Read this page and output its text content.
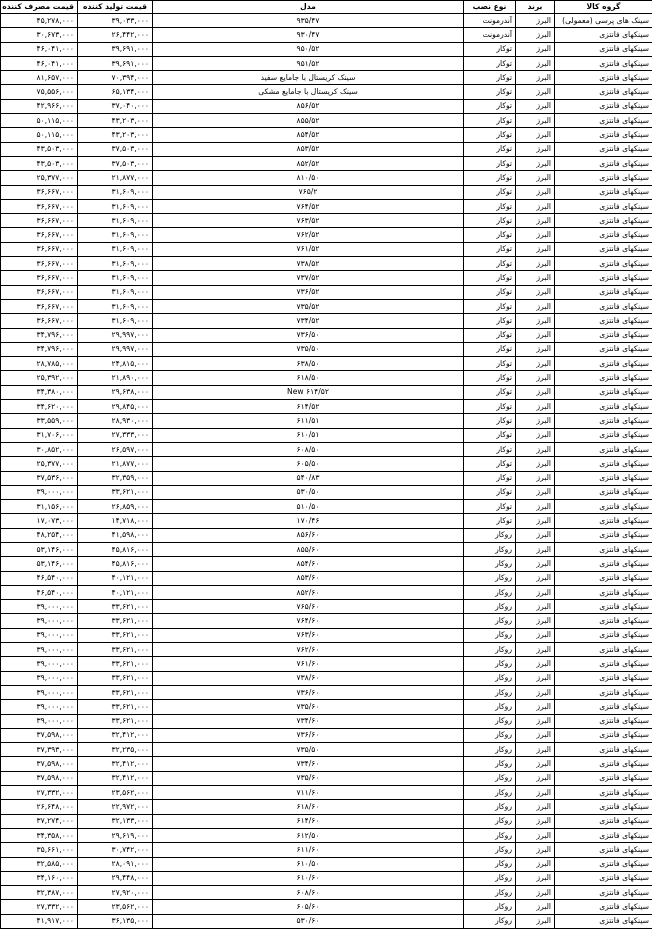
گروه کالا	برند	نوع نصب	مدل	قیمت تولید کننده	قیمت مصرف کننده
سینک های پرسی (معمولی)	البرز	آندرمونت	۹۳۵/۴۷	۳۹,۰۳۳,۰۰۰	۴۵,۲۷۸,۰۰۰
سینکهای فانتزی	البرز	آندرمونت	۹۳۰/۴۷	۲۶,۴۴۲,۰۰۰	۳۰,۶۷۳,۰۰۰
سینکهای فانتزی	البرز	توکار	۹۵۰/۵۲	۳۹,۶۹۱,۰۰۰	۴۶,۰۴۱,۰۰۰
سینکهای فانتزی	البرز	توکار	۹۵۱/۵۲	۳۹,۶۹۱,۰۰۰	۴۶,۰۴۱,۰۰۰
سینکهای فانتزی	البرز	توکار	سینک کریستال با جامایع سفید	۷۰,۳۹۴,۰۰۰	۸۱,۶۵۷,۰۰۰
سینکهای فانتزی	البرز	توکار	سینک کریستال با جامایع مشکی	۶۵,۱۳۴,۰۰۰	۷۵,۵۵۶,۰۰۰
سینکهای فانتزی	البرز	توکار	۸۵۶/۵۲	۳۷,۰۴۰,۰۰۰	۴۲,۹۶۶,۰۰۰
سینکهای فانتزی	البرز	توکار	۸۵۵/۵۲	۴۳,۲۰۳,۰۰۰	۵۰,۱۱۵,۰۰۰
سینکهای فانتزی	البرز	توکار	۸۵۴/۵۲	۴۳,۲۰۳,۰۰۰	۵۰,۱۱۵,۰۰۰
سینکهای فانتزی	البرز	توکار	۸۵۳/۵۲	۳۷,۵۰۳,۰۰۰	۴۳,۵۰۳,۰۰۰
سینکهای فانتزی	البرز	توکار	۸۵۲/۵۲	۳۷,۵۰۳,۰۰۰	۴۳,۵۰۳,۰۰۰
سینکهای فانتزی	البرز	توکار	۸۱۰/۵۰	۲۱,۸۷۷,۰۰۰	۲۵,۳۷۷,۰۰۰
سینکهای فانتزی	البرز	توکار	۷۶۵/۲	۳۱,۶۰۹,۰۰۰	۳۶,۶۶۷,۰۰۰
سینکهای فانتزی	البرز	توکار	۷۶۴/۵۲	۳۱,۶۰۹,۰۰۰	۳۶,۶۶۷,۰۰۰
سینکهای فانتزی	البرز	توکار	۷۶۳/۵۲	۳۱,۶۰۹,۰۰۰	۳۶,۶۶۷,۰۰۰
سینکهای فانتزی	البرز	توکار	۷۶۲/۵۲	۳۱,۶۰۹,۰۰۰	۳۶,۶۶۷,۰۰۰
سینکهای فانتزی	البرز	توکار	۷۶۱/۵۲	۳۱,۶۰۹,۰۰۰	۳۶,۶۶۷,۰۰۰
سینکهای فانتزی	البرز	توکار	۷۳۸/۵۲	۳۱,۶۰۹,۰۰۰	۳۶,۶۶۷,۰۰۰
سینکهای فانتزی	البرز	توکار	۷۳۷/۵۲	۳۱,۶۰۹,۰۰۰	۳۶,۶۶۷,۰۰۰
سینکهای فانتزی	البرز	توکار	۷۳۶/۵۲	۳۱,۶۰۹,۰۰۰	۳۶,۶۶۷,۰۰۰
سینکهای فانتزی	البرز	توکار	۷۳۵/۵۲	۳۱,۶۰۹,۰۰۰	۳۶,۶۶۷,۰۰۰
سینکهای فانتزی	البرز	توکار	۷۳۴/۵۲	۳۱,۶۰۹,۰۰۰	۳۶,۶۶۷,۰۰۰
سینکهای فانتزی	البرز	توکار	۷۳۶/۵۰	۲۹,۹۹۷,۰۰۰	۳۴,۷۹۶,۰۰۰
سینکهای فانتزی	البرز	توکار	۷۳۵/۵۰	۲۹,۹۹۷,۰۰۰	۳۴,۷۹۶,۰۰۰
سینکهای فانتزی	البرز	توکار	۶۳۸/۵۰	۲۴,۸۱۵,۰۰۰	۲۸,۷۸۵,۰۰۰
سینکهای فانتزی	البرز	توکار	۶۱۸/۵۰	۲۱,۸۹۰,۰۰۰	۲۵,۳۹۲,۰۰۰
سینکهای فانتزی	البرز	توکار	۶۱۴/۵۲ New	۲۹,۶۳۸,۰۰۰	۳۴,۳۸۰,۰۰۰
سینکهای فانتزی	البرز	توکار	۶۱۴/۵۲	۲۹,۸۴۵,۰۰۰	۳۴,۶۲۰,۰۰۰
سینکهای فانتزی	البرز	توکار	۶۱۱/۵۱	۲۸,۹۳۰,۰۰۰	۳۳,۵۵۹,۰۰۰
سینکهای فانتزی	البرز	توکار	۶۱۰/۵۱	۲۷,۳۳۳,۰۰۰	۳۱,۷۰۶,۰۰۰
سینکهای فانتزی	البرز	توکار	۶۰۸/۵۰	۲۶,۵۹۷,۰۰۰	۳۰,۸۵۲,۰۰۰
سینکهای فانتزی	البرز	توکار	۶۰۵/۵۰	۲۱,۸۷۷,۰۰۰	۲۵,۳۷۷,۰۰۰
سینکهای فانتزی	البرز	توکار	۵۴۰/۸۳	۳۲,۳۵۹,۰۰۰	۳۷,۵۳۶,۰۰۰
سینکهای فانتزی	البرز	توکار	۵۳۰/۵۰	۳۳,۶۲۱,۰۰۰	۳۹,۰۰۰,۰۰۰
سینکهای فانتزی	البرز	توکار	۵۱۰/۵۰	۲۶,۸۵۹,۰۰۰	۳۱,۱۵۶,۰۰۰
سینکهای فانتزی	البرز	توکار	۱۷۰/۴۶	۱۴,۷۱۸,۰۰۰	۱۷,۰۷۳,۰۰۰
سینکهای فانتزی	البرز	روکار	۸۵۶/۶۰	۴۱,۵۹۸,۰۰۰	۴۸,۲۵۴,۰۰۰
سینکهای فانتزی	البرز	روکار	۸۵۵/۶۰	۴۵,۸۱۶,۰۰۰	۵۳,۱۴۶,۰۰۰
سینکهای فانتزی	البرز	روکار	۸۵۴/۶۰	۴۵,۸۱۶,۰۰۰	۵۳,۱۴۶,۰۰۰
سینکهای فانتزی	البرز	روکار	۸۵۳/۶۰	۴۰,۱۲۱,۰۰۰	۴۶,۵۴۰,۰۰۰
سینکهای فانتزی	البرز	روکار	۸۵۲/۶۰	۴۰,۱۲۱,۰۰۰	۴۶,۵۴۰,۰۰۰
سینکهای فانتزی	البرز	روکار	۷۶۵/۶۰	۳۳,۶۲۱,۰۰۰	۳۹,۰۰۰,۰۰۰
سینکهای فانتزی	البرز	روکار	۷۶۴/۶۰	۳۳,۶۲۱,۰۰۰	۳۹,۰۰۰,۰۰۰
سینکهای فانتزی	البرز	روکار	۷۶۳/۶۰	۳۳,۶۲۱,۰۰۰	۳۹,۰۰۰,۰۰۰
سینکهای فانتزی	البرز	روکار	۷۶۲/۶۰	۳۳,۶۲۱,۰۰۰	۳۹,۰۰۰,۰۰۰
سینکهای فانتزی	البرز	روکار	۷۶۱/۶۰	۳۳,۶۲۱,۰۰۰	۳۹,۰۰۰,۰۰۰
سینکهای فانتزی	البرز	روکار	۷۳۸/۶۰	۳۳,۶۲۱,۰۰۰	۳۹,۰۰۰,۰۰۰
سینکهای فانتزی	البرز	روکار	۷۳۶/۶۰	۳۳,۶۲۱,۰۰۰	۳۹,۰۰۰,۰۰۰
سینکهای فانتزی	البرز	روکار	۷۳۵/۶۰	۳۳,۶۲۱,۰۰۰	۳۹,۰۰۰,۰۰۰
سینکهای فانتزی	البرز	روکار	۷۳۴/۶۰	۳۳,۶۲۱,۰۰۰	۳۹,۰۰۰,۰۰۰
سینکهای فانتزی	البرز	روکار	۷۳۶/۶۰	۳۲,۴۱۲,۰۰۰	۳۷,۵۹۸,۰۰۰
سینکهای فانتزی	البرز	روکار	۷۳۵/۵۰	۳۲,۲۳۵,۰۰۰	۳۷,۳۹۳,۰۰۰
سینکهای فانتزی	البرز	روکار	۷۳۴/۶۰	۳۲,۴۱۲,۰۰۰	۳۷,۵۹۸,۰۰۰
سینکهای فانتزی	البرز	روکار	۷۳۵/۶۰	۳۲,۴۱۲,۰۰۰	۳۷,۵۹۸,۰۰۰
سینکهای فانتزی	البرز	روکار	۷۱۱/۶۰	۲۳,۵۶۲,۰۰۰	۲۷,۳۳۲,۰۰۰
سینکهای فانتزی	البرز	روکار	۶۱۸/۶۰	۲۲,۹۷۲,۰۰۰	۲۶,۶۴۸,۰۰۰
سینکهای فانتزی	البرز	روکار	۶۱۴/۶۰	۳۲,۱۳۳,۰۰۰	۳۷,۲۷۴,۰۰۰
سینکهای فانتزی	البرز	روکار	۶۱۲/۵۰	۲۹,۶۱۹,۰۰۰	۳۴,۳۵۸,۰۰۰
سینکهای فانتزی	البرز	روکار	۶۱۱/۶۰	۳۰,۷۴۲,۰۰۰	۳۵,۶۶۱,۰۰۰
سینکهای فانتزی	البرز	روکار	۶۱۰/۵۰	۲۸,۰۹۱,۰۰۰	۳۲,۵۸۵,۰۰۰
سینکهای فانتزی	البرز	روکار	۶۱۰/۶۰	۲۹,۴۴۸,۰۰۰	۳۴,۱۶۰,۰۰۰
سینکهای فانتزی	البرز	روکار	۶۰۸/۶۰	۲۷,۹۲۰,۰۰۰	۳۲,۳۸۷,۰۰۰
سینکهای فانتزی	البرز	روکار	۶۰۵/۶۰	۲۳,۵۶۲,۰۰۰	۲۷,۳۳۲,۰۰۰
سینکهای فانتزی	البرز	روکار	۵۳۰/۶۰	۳۶,۱۳۵,۰۰۰	۴۱,۹۱۷,۰۰۰
